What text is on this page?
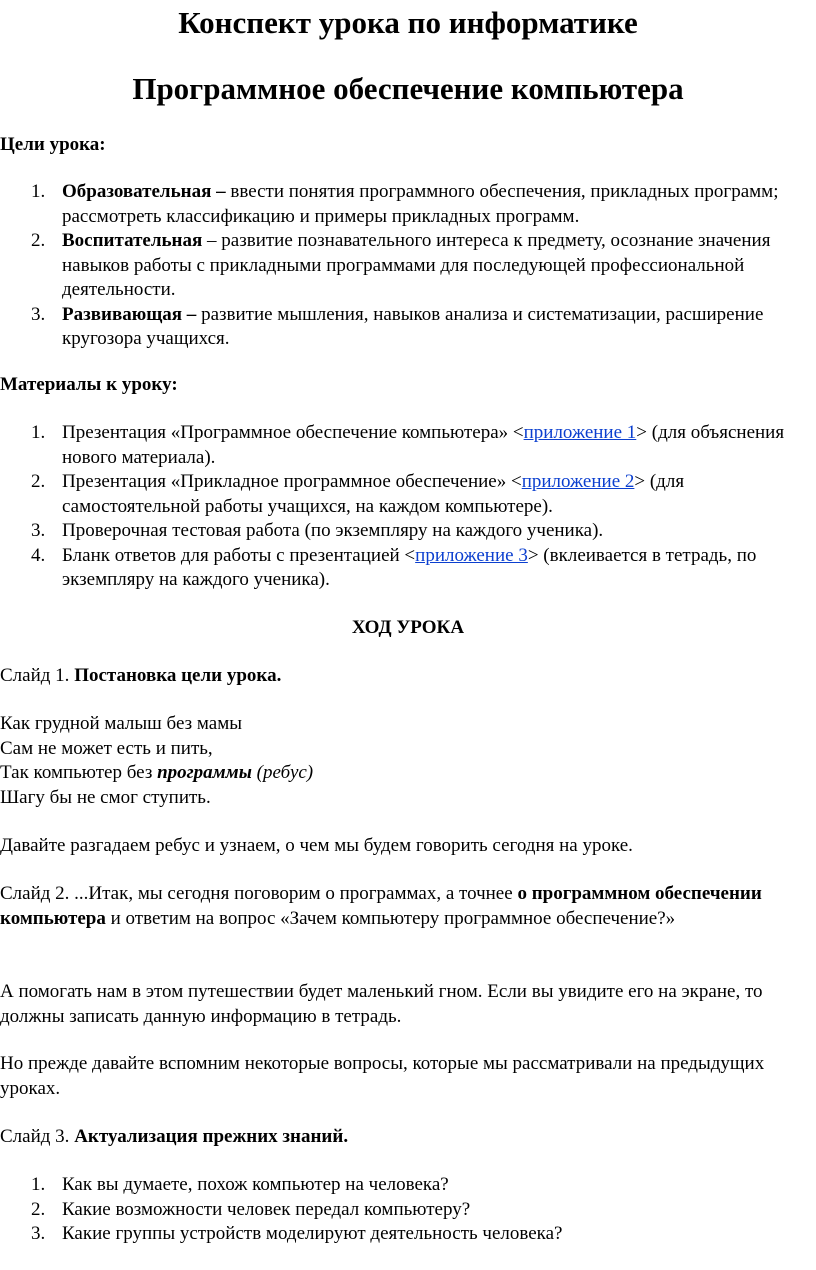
Конспект урока по информатике
Программное обеспечение компьютера

Цели урока:

1. Образовательная – ввести понятия программного обеспечения, прикладных программ; рассмотреть классификацию и примеры прикладных программ.
2. Воспитательная – развитие познавательного интереса к предмету, осознание значения навыков работы с прикладными программами для последующей профессиональной деятельности.
3. Развивающая – развитие мышления, навыков анализа и систематизации, расширение кругозора учащихся.

Материалы к уроку:

1. Презентация «Программное обеспечение компьютера» <приложение 1> (для объяснения нового материала).
2. Презентация «Прикладное программное обеспечение» <приложение 2> (для самостоятельной работы учащихся, на каждом компьютере).
3. Проверочная тестовая работа (по экземпляру на каждого ученика).
4. Бланк ответов для работы с презентацией <приложение 3> (вклеивается в тетрадь, по экземпляру на каждого ученика).

ХОД УРОКА

Слайд 1. Постановка цели урока.

Как грудной малыш без мамы
Сам не может есть и пить,
Так компьютер без программы (ребус)
Шагу бы не смог ступить.

Давайте разгадаем ребус и узнаем, о чем мы будем говорить сегодня на уроке.

Слайд 2. ...Итак, мы сегодня поговорим о программах, а точнее о программном обеспечении компьютера и ответим на вопрос «Зачем компьютеру программное обеспечение?»

А помогать нам в этом путешествии будет маленький гном. Если вы увидите его на экране, то должны записать данную информацию в тетрадь.

Но прежде давайте вспомним некоторые вопросы, которые мы рассматривали на предыдущих уроках.

Слайд 3. Актуализация прежних знаний.

1. Как вы думаете, похож компьютер на человека?
2. Какие возможности человек передал компьютеру?
3. Какие группы устройств моделируют деятельность человека?
